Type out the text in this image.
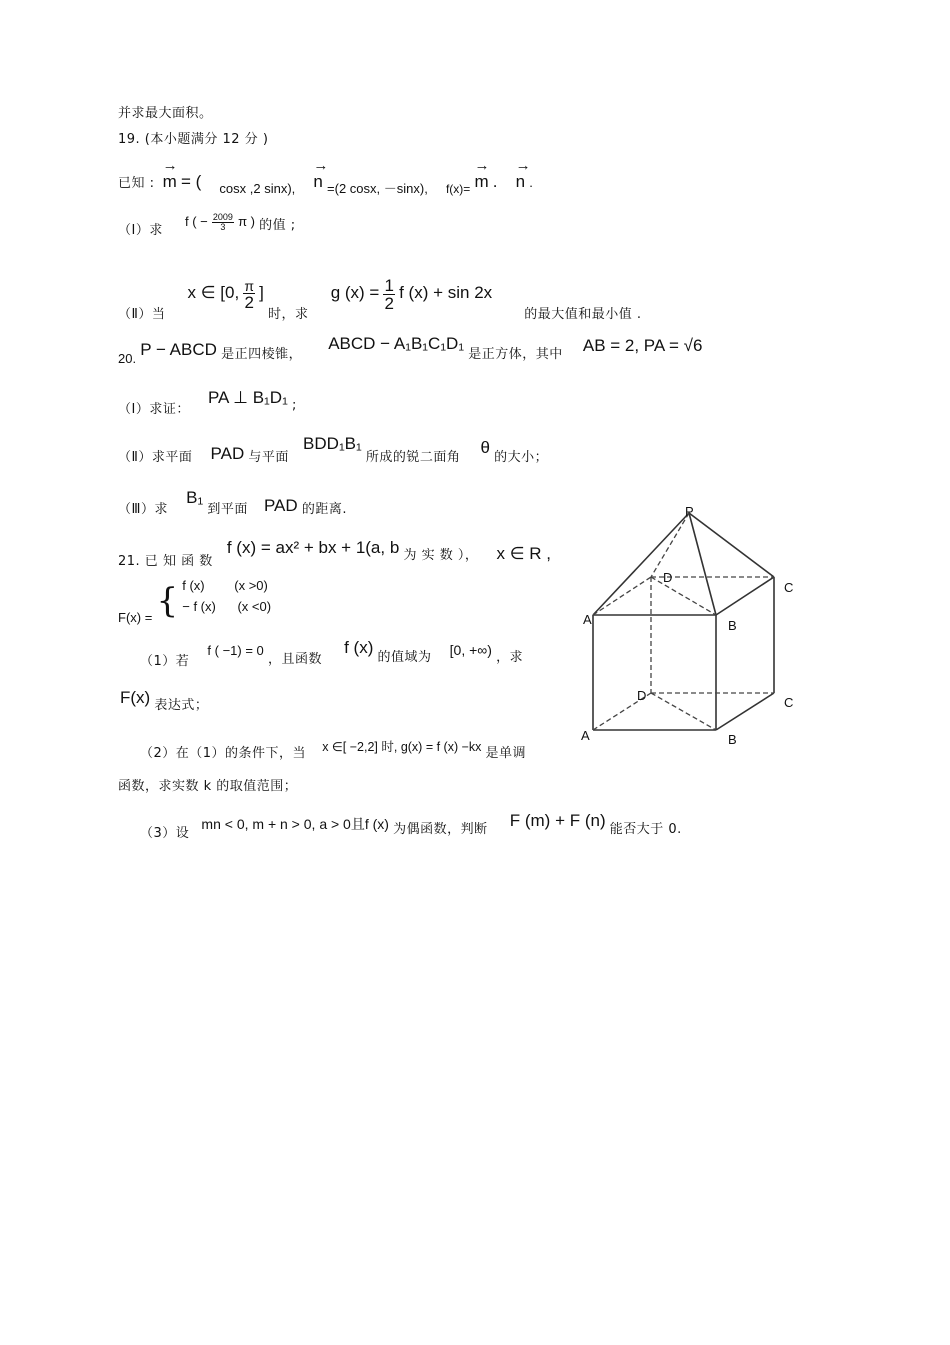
并求最大面积。
19. (本小题满分 12 分 )
已知 : → m = ( cosx ,2 sinx), → n =(2 cosx, －sinx), f(x)= → m . → n .
（Ⅰ）求 f ( − $\frac{2009}{3}$ π ) 的值 ;
（Ⅱ）当 x ∈ [0, $\frac{\pi}{2}$ ] 时，求 g $(x) = \frac{1}{2}$ f (x) + sin 2x 的最大值和最小值 .
20. P − ABCD 是正四棱锥， ABCD − A₁B₁C₁D₁ 是正方体，其中 AB = 2, PA = √6
（Ⅰ）求证： PA ⊥ B₁D₁ ;
（Ⅱ）求平面 PAD 与平面 BDD₁B₁ 所成的锐二面角 θ 的大小；
（Ⅲ）求 B₁ 到平面 PAD 的距离.
21. 已 知 函 数 f (x) = ax² + bx + 1(a, b 为 实 数 ）， x ∈ R ,
F(x) = { f (x) (x >0)
− f (x) (x <0)
（1）若 f ( −1) = 0 ，且函数 f (x) 的值域为 [0, +∞) ，求
F(x) 表达式；
（2）在（1）的条件下，当 x ∈[ −2,2] 时, g(x) = f (x) −kx 是单调
函数，求实数 k 的取值范围；
（3）设 mn < 0, m + n > 0, a > 0且f (x) 为偶函数，判断 F (m) + F (n) 能否大于 0.
P
D
C
A	B
D	C
A	B
